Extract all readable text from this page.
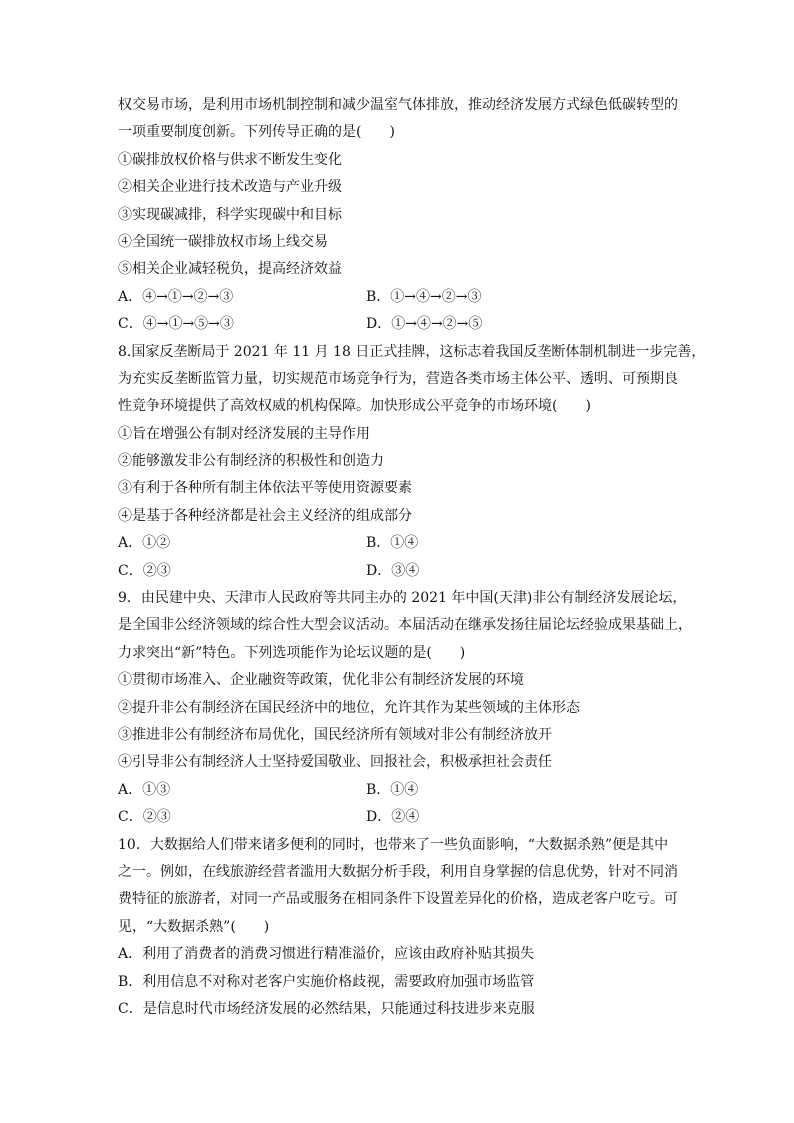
权交易市场，是利用市场机制控制和减少温室气体排放，推动经济发展方式绿色低碳转型的
一项重要制度创新。下列传导正确的是(　　)
①碳排放权价格与供求不断发生变化
②相关企业进行技术改造与产业升级
③实现碳减排，科学实现碳中和目标
④全国统一碳排放权市场上线交易
⑤相关企业减轻税负，提高经济效益
A．④→①→②→③	B．①→④→②→③
C．④→①→⑤→③	D．①→④→②→⑤
8.国家反垄断局于 2021 年 11 月 18 日正式挂牌，这标志着我国反垄断体制机制进一步完善，
为充实反垄断监管力量，切实规范市场竞争行为，营造各类市场主体公平、透明、可预期良
性竞争环境提供了高效权威的机构保障。加快形成公平竞争的市场环境(　　)
①旨在增强公有制对经济发展的主导作用
②能够激发非公有制经济的积极性和创造力
③有利于各种所有制主体依法平等使用资源要素
④是基于各种经济都是社会主义经济的组成部分
A．①②	B．①④
C．②③	D．③④
9．由民建中央、天津市人民政府等共同主办的 2021 年中国(天津)非公有制经济发展论坛，
是全国非公经济领域的综合性大型会议活动。本届活动在继承发扬往届论坛经验成果基础上，
力求突出“新”特色。下列选项能作为论坛议题的是(　　)
①贯彻市场准入、企业融资等政策，优化非公有制经济发展的环境
②提升非公有制经济在国民经济中的地位，允许其作为某些领域的主体形态
③推进非公有制经济布局优化，国民经济所有领域对非公有制经济放开
④引导非公有制经济人士坚持爱国敬业、回报社会，积极承担社会责任
A．①③	B．①④
C．②③	D．②④
10．大数据给人们带来诸多便利的同时，也带来了一些负面影响，“大数据杀熟”便是其中
之一。例如，在线旅游经营者滥用大数据分析手段，利用自身掌握的信息优势，针对不同消
费特征的旅游者，对同一产品或服务在相同条件下设置差异化的价格，造成老客户吃亏。可
见，“大数据杀熟”(　　)
A．利用了消费者的消费习惯进行精准溢价，应该由政府补贴其损失
B．利用信息不对称对老客户实施价格歧视，需要政府加强市场监管
C．是信息时代市场经济发展的必然结果，只能通过科技进步来克服
